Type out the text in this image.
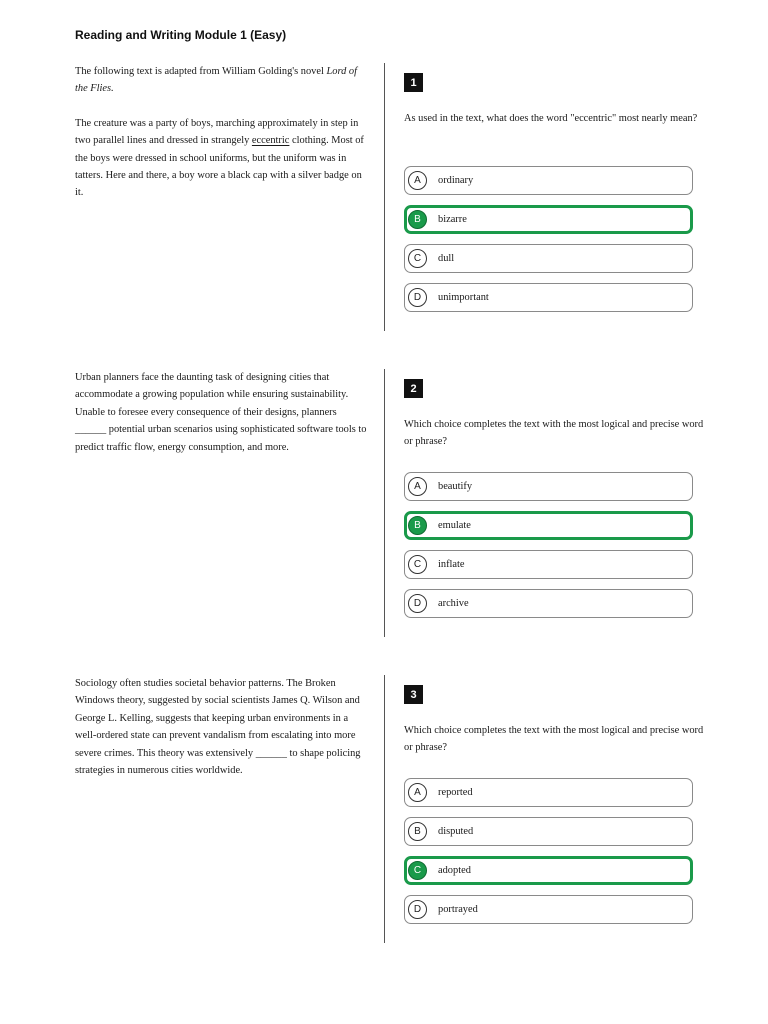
Reading and Writing Module 1 (Easy)

The following text is adapted from William Golding's novel Lord of the Flies.

The creature was a party of boys, marching approximately in step in two parallel lines and dressed in strangely eccentric clothing. Most of the boys were dressed in school uniforms, but the uniform was in tatters. Here and there, a boy wore a black cap with a silver badge on it.

1
As used in the text, what does the word "eccentric" most nearly mean?
A	ordinary
B	bizarre
C	dull
D	unimportant

Urban planners face the daunting task of designing cities that accommodate a growing population while ensuring sustainability. Unable to foresee every consequence of their designs, planners ______ potential urban scenarios using sophisticated software tools to predict traffic flow, energy consumption, and more.

2
Which choice completes the text with the most logical and precise word or phrase?
A	beautify
B	emulate
C	inflate
D	archive

Sociology often studies societal behavior patterns. The Broken Windows theory, suggested by social scientists James Q. Wilson and George L. Kelling, suggests that keeping urban environments in a well-ordered state can prevent vandalism from escalating into more severe crimes. This theory was extensively ______ to shape policing strategies in numerous cities worldwide.

3
Which choice completes the text with the most logical and precise word or phrase?
A	reported
B	disputed
C	adopted
D	portrayed
